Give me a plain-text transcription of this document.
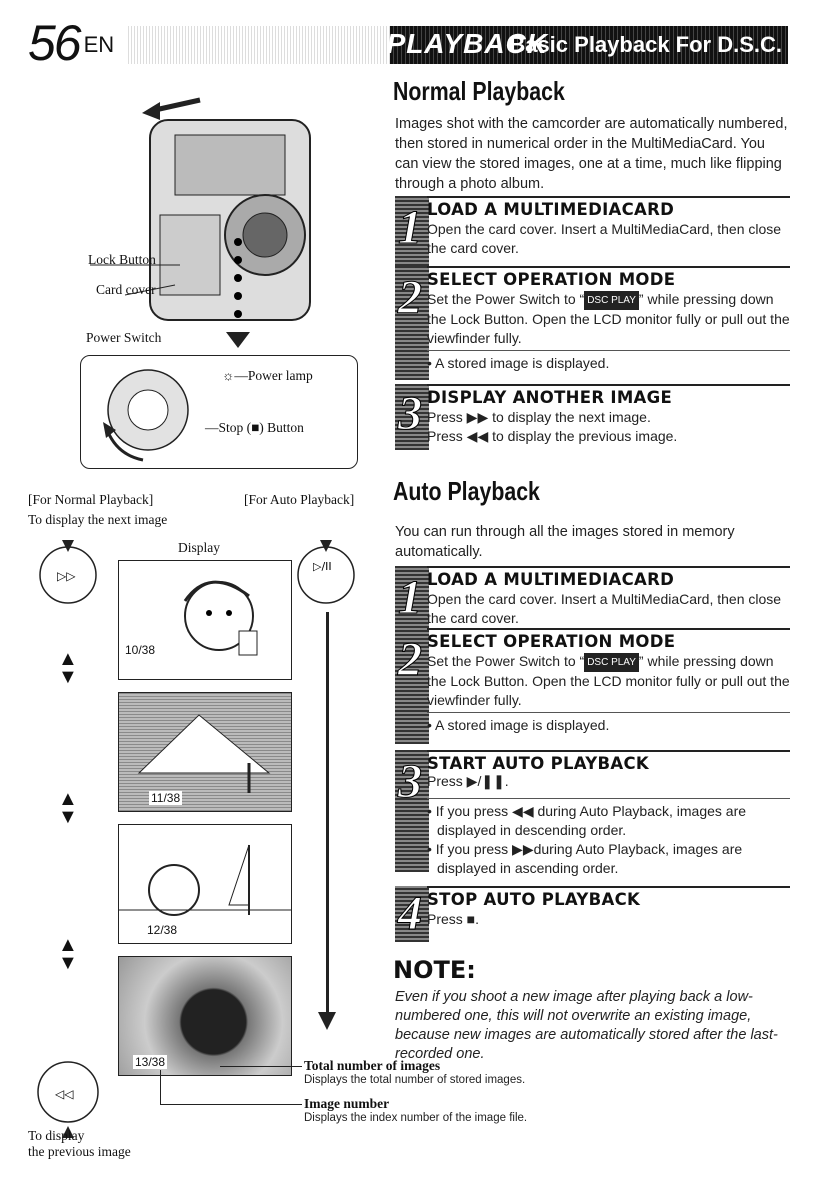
56 EN	PLAYBACK
Basic Playback For D.S.C.
Lock Button
Card cover
Power Switch
☼—Power lamp
—Stop (■) Button
[For Normal Playback]	[For Auto Playback]
To display the next image
Display
▷▷
▷/II
10/38
11/38
12/38
13/38
▲
▼
▲
▼
▲
▼
◁◁
To display
the previous image
Total number of images
Displays the total number of stored images.
Image number
Displays the index number of the image file.
Normal Playback
Images shot with the camcorder are automatically numbered, then stored in numerical order in the MultiMediaCard. You can view the stored images, one at a time, much like flipping through a photo album.
1 LOAD A MULTIMEDIACARD
Open the card cover. Insert a MultiMediaCard, then close the card cover.
2 SELECT OPERATION MODE
Set the Power Switch to “ DSC PLAY ” while pressing down the Lock Button. Open the LCD monitor fully or pull out the viewfinder fully.
• A stored image is displayed.
3 DISPLAY ANOTHER IMAGE
Press ▶▶ to display the next image.
Press ◀◀ to display the previous image.
Auto Playback
You can run through all the images stored in memory automatically.
1 LOAD A MULTIMEDIACARD
Open the card cover. Insert a MultiMediaCard, then close the card cover.
2 SELECT OPERATION MODE
Set the Power Switch to “ DSC PLAY ” while pressing down the Lock Button. Open the LCD monitor fully or pull out the viewfinder fully.
• A stored image is displayed.
3 START AUTO PLAYBACK
Press ▶/❚❚.
• If you press ◀◀ during Auto Playback, images are displayed in descending order.
• If you press ▶▶during Auto Playback, images are displayed in ascending order.
4 STOP AUTO PLAYBACK
Press ■.
NOTE:
Even if you shoot a new image after playing back a low-numbered one, this will not overwrite an existing image, because new images are automatically stored after the last-recorded one.
